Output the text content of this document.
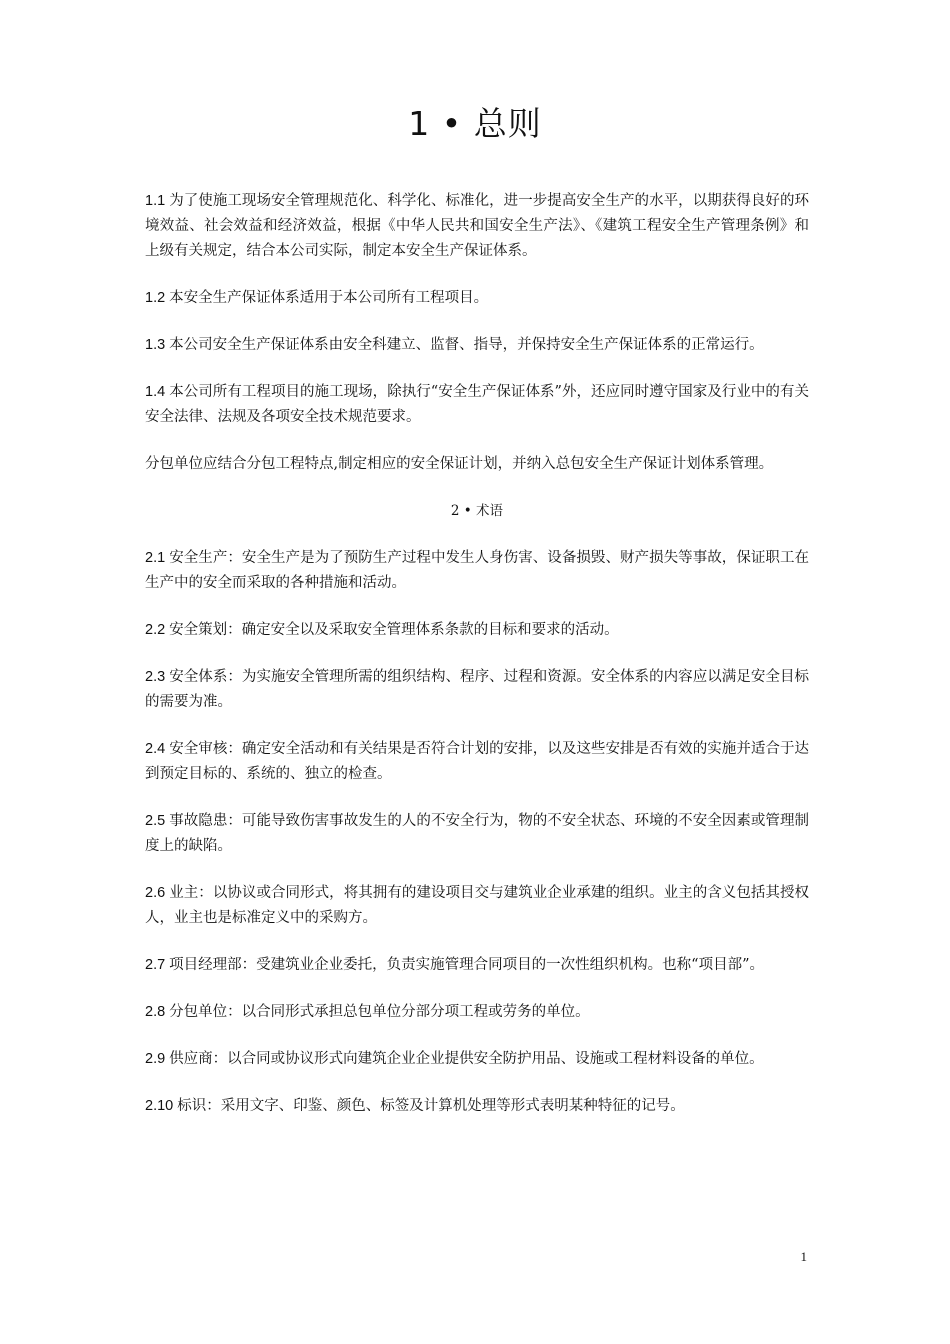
1 • 总则

1.1 为了使施工现场安全管理规范化、科学化、标准化，进一步提高安全生产的水平，以期获得良好的环境效益、社会效益和经济效益，根据《中华人民共和国安全生产法》、《建筑工程安全生产管理条例》和上级有关规定，结合本公司实际，制定本安全生产保证体系。

1.2 本安全生产保证体系适用于本公司所有工程项目。

1.3 本公司安全生产保证体系由安全科建立、监督、指导，并保持安全生产保证体系的正常运行。

1.4 本公司所有工程项目的施工现场，除执行“安全生产保证体系”外，还应同时遵守国家及行业中的有关安全法律、法规及各项安全技术规范要求。

分包单位应结合分包工程特点,制定相应的安全保证计划，并纳入总包安全生产保证计划体系管理。

2 • 术语

2.1 安全生产：安全生产是为了预防生产过程中发生人身伤害、设备损毁、财产损失等事故，保证职工在生产中的安全而采取的各种措施和活动。

2.2 安全策划：确定安全以及采取安全管理体系条款的目标和要求的活动。

2.3 安全体系：为实施安全管理所需的组织结构、程序、过程和资源。安全体系的内容应以满足安全目标的需要为准。

2.4 安全审核：确定安全活动和有关结果是否符合计划的安排，以及这些安排是否有效的实施并适合于达到预定目标的、系统的、独立的检查。

2.5 事故隐患：可能导致伤害事故发生的人的不安全行为，物的不安全状态、环境的不安全因素或管理制度上的缺陷。

2.6 业主：以协议或合同形式，将其拥有的建设项目交与建筑业企业承建的组织。业主的含义包括其授权人，业主也是标准定义中的采购方。

2.7 项目经理部：受建筑业企业委托，负责实施管理合同项目的一次性组织机构。也称“项目部”。

2.8 分包单位：以合同形式承担总包单位分部分项工程或劳务的单位。

2.9 供应商：以合同或协议形式向建筑企业企业提供安全防护用品、设施或工程材料设备的单位。

2.10 标识：采用文字、印鉴、颜色、标签及计算机处理等形式表明某种特征的记号。

1
